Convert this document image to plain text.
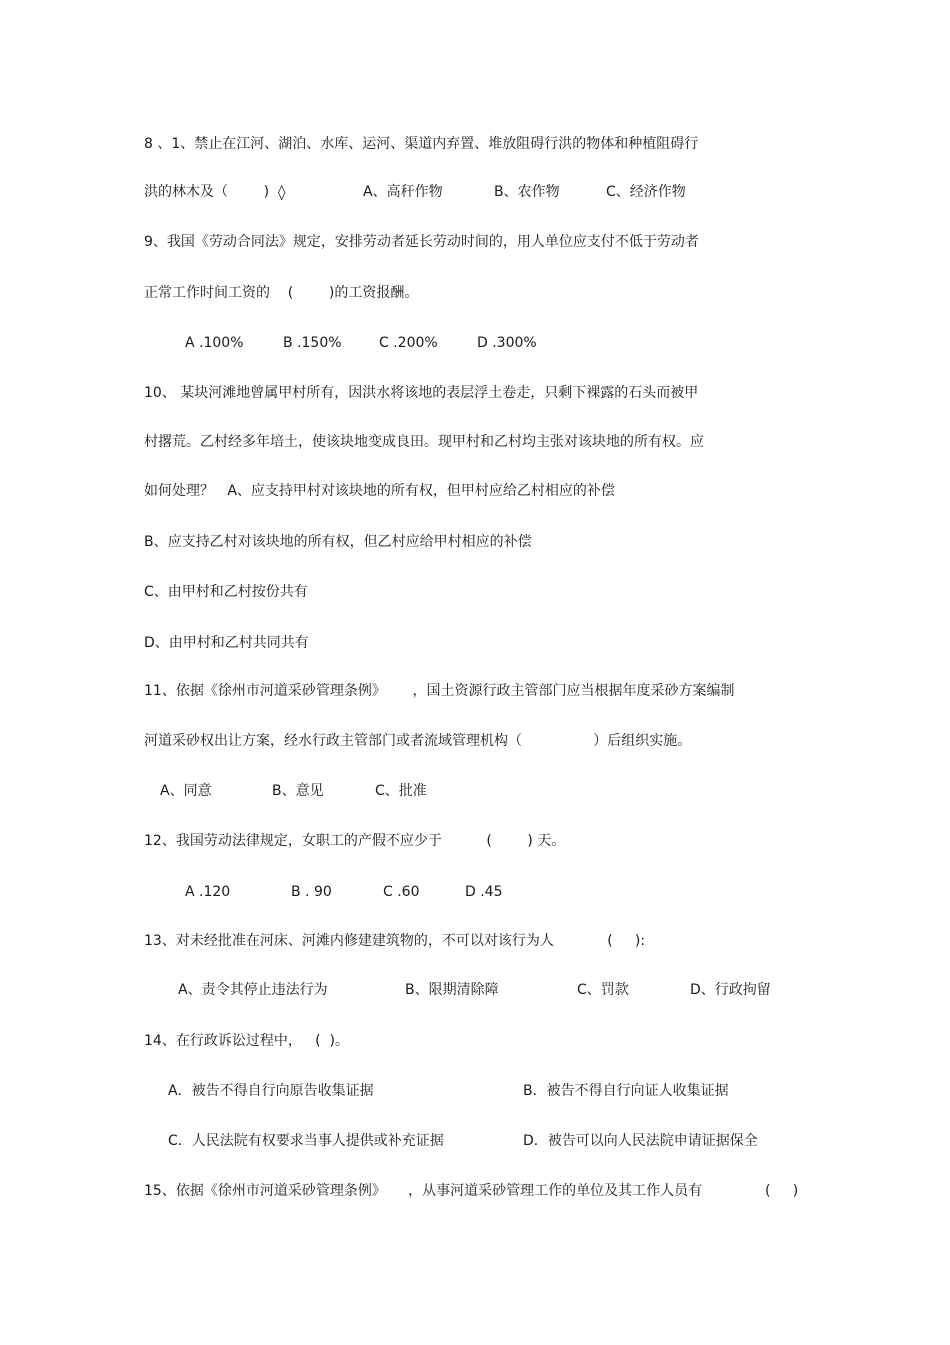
8 、1、禁止在江河、湖泊、水库、运河、渠道内弃置、堆放阻碍行洪的物体和种植阻碍行
洪的林木及（        ) ◊	A、高秆作物	B、农作物	C、经济作物
9、我国《劳动合同法》规定，安排劳动者延长劳动时间的，用人单位应支付不低于劳动者
正常工作时间工资的    (        )的工资报酬。
A .100%	B .150%	C .200%	D .300%
10、 某块河滩地曾属甲村所有，因洪水将该地的表层浮土卷走，只剩下裸露的石头而被甲
村撂荒。乙村经多年培土，使该块地变成良田。现甲村和乙村均主张对该块地的所有权。应
如何处理？   A、应支持甲村对该块地的所有权，但甲村应给乙村相应的补偿
B、应支持乙村对该块地的所有权，但乙村应给甲村相应的补偿
C、由甲村和乙村按份共有
D、由甲村和乙村共同共有
11、依据《徐州市河道采砂管理条例》      ，国土资源行政主管部门应当根据年度采砂方案编制
河道采砂权出让方案，经水行政主管部门或者流域管理机构（                ）后组织实施。
A、同意	B、意见	C、批准
12、我国劳动法律规定，女职工的产假不应少于          (        ) 天。
A .120	B . 90	C .60	D .45
13、对未经批准在河床、河滩内修建建筑物的，不可以对该行为人            (     ):
A、责令其停止违法行为	B、限期清除障	C、罚款	D、行政拘留
14、在行政诉讼过程中，   (  )。
A．被告不得自行向原告收集证据	B．被告不得自行向证人收集证据
C．人民法院有权要求当事人提供或补充证据	D．被告可以向人民法院申请证据保全
15、依据《徐州市河道采砂管理条例》     ，从事河道采砂管理工作的单位及其工作人员有	(     )
